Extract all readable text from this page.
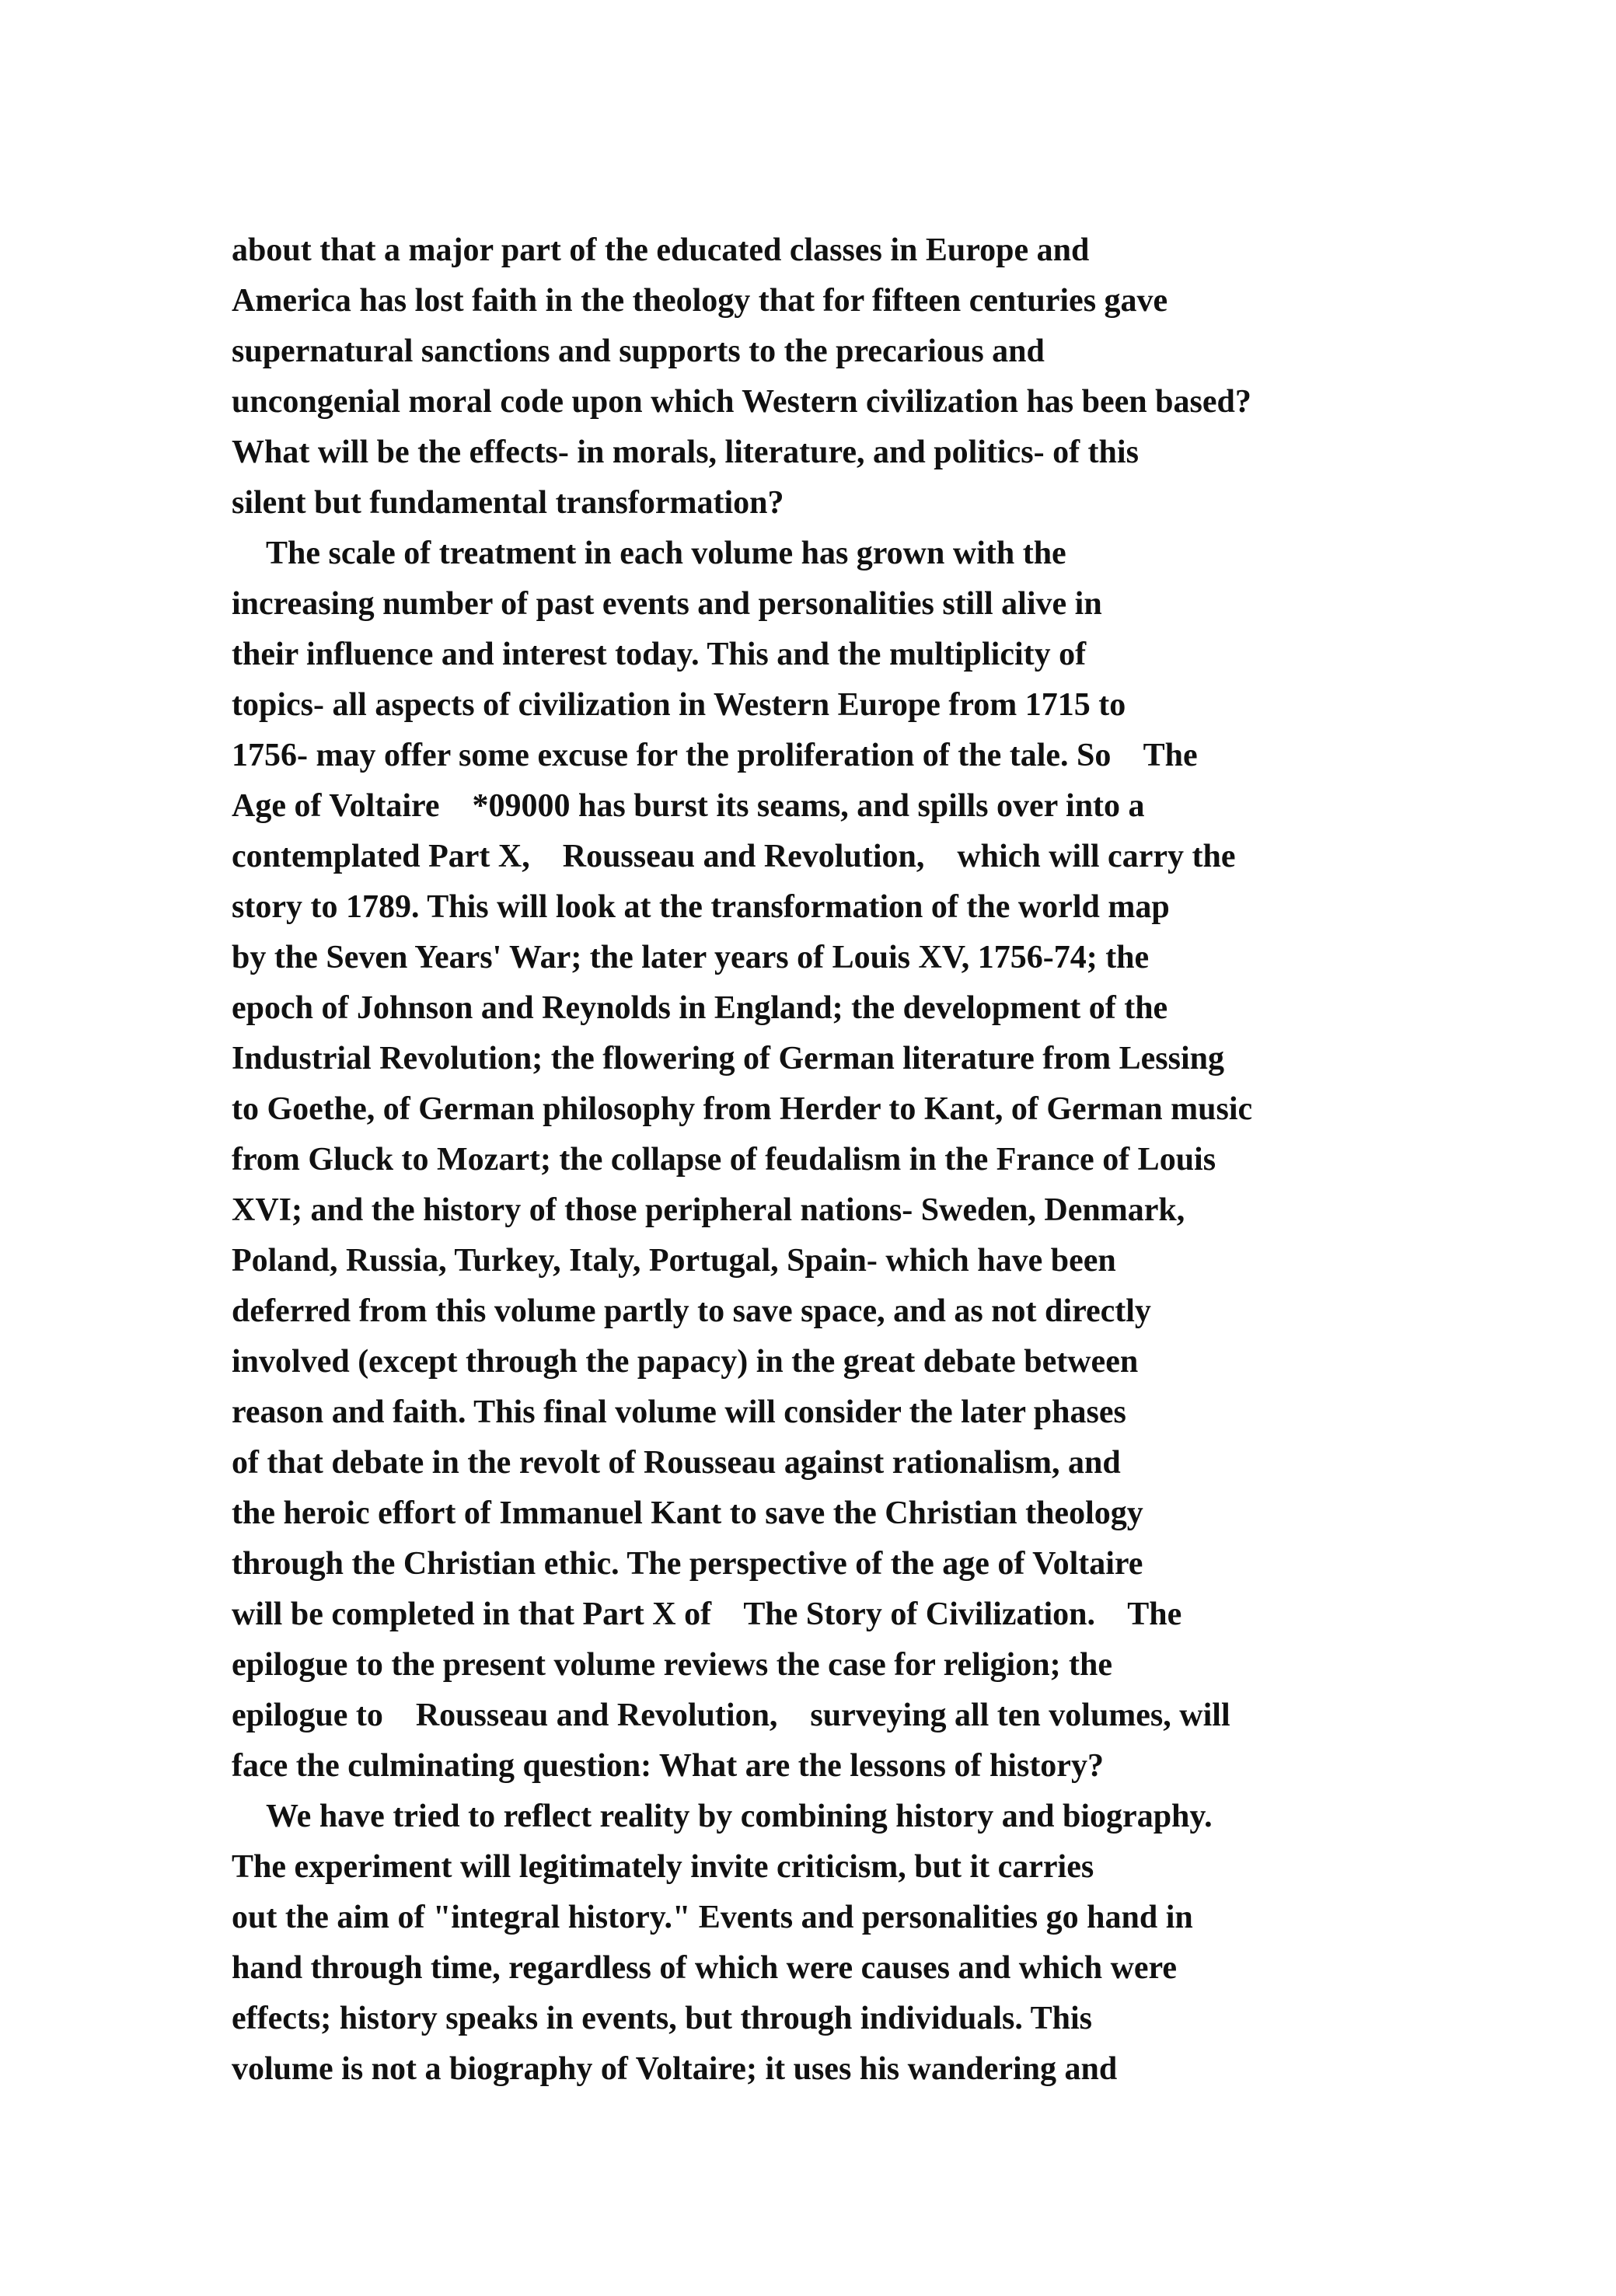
about that a major part of the educated classes in Europe and
America has lost faith in the theology that for fifteen centuries gave
supernatural sanctions and supports to the precarious and
uncongenial moral code upon which Western civilization has been based?
What will be the effects- in morals, literature, and politics- of this
silent but fundamental transformation?
The scale of treatment in each volume has grown with the
increasing number of past events and personalities still alive in
their influence and interest today. This and the multiplicity of
topics- all aspects of civilization in Western Europe from 1715 to
1756- may offer some excuse for the proliferation of the tale. So    The
Age of Voltaire    *09000 has burst its seams, and spills over into a
contemplated Part X,    Rousseau and Revolution,    which will carry the
story to 1789. This will look at the transformation of the world map
by the Seven Years' War; the later years of Louis XV, 1756-74; the
epoch of Johnson and Reynolds in England; the development of the
Industrial Revolution; the flowering of German literature from Lessing
to Goethe, of German philosophy from Herder to Kant, of German music
from Gluck to Mozart; the collapse of feudalism in the France of Louis
XVI; and the history of those peripheral nations- Sweden, Denmark,
Poland, Russia, Turkey, Italy, Portugal, Spain- which have been
deferred from this volume partly to save space, and as not directly
involved (except through the papacy) in the great debate between
reason and faith. This final volume will consider the later phases
of that debate in the revolt of Rousseau against rationalism, and
the heroic effort of Immanuel Kant to save the Christian theology
through the Christian ethic. The perspective of the age of Voltaire
will be completed in that Part X of    The Story of Civilization.    The
epilogue to the present volume reviews the case for religion; the
epilogue to    Rousseau and Revolution,    surveying all ten volumes, will
face the culminating question: What are the lessons of history?
We have tried to reflect reality by combining history and biography.
The experiment will legitimately invite criticism, but it carries
out the aim of "integral history." Events and personalities go hand in
hand through time, regardless of which were causes and which were
effects; history speaks in events, but through individuals. This
volume is not a biography of Voltaire; it uses his wandering and
